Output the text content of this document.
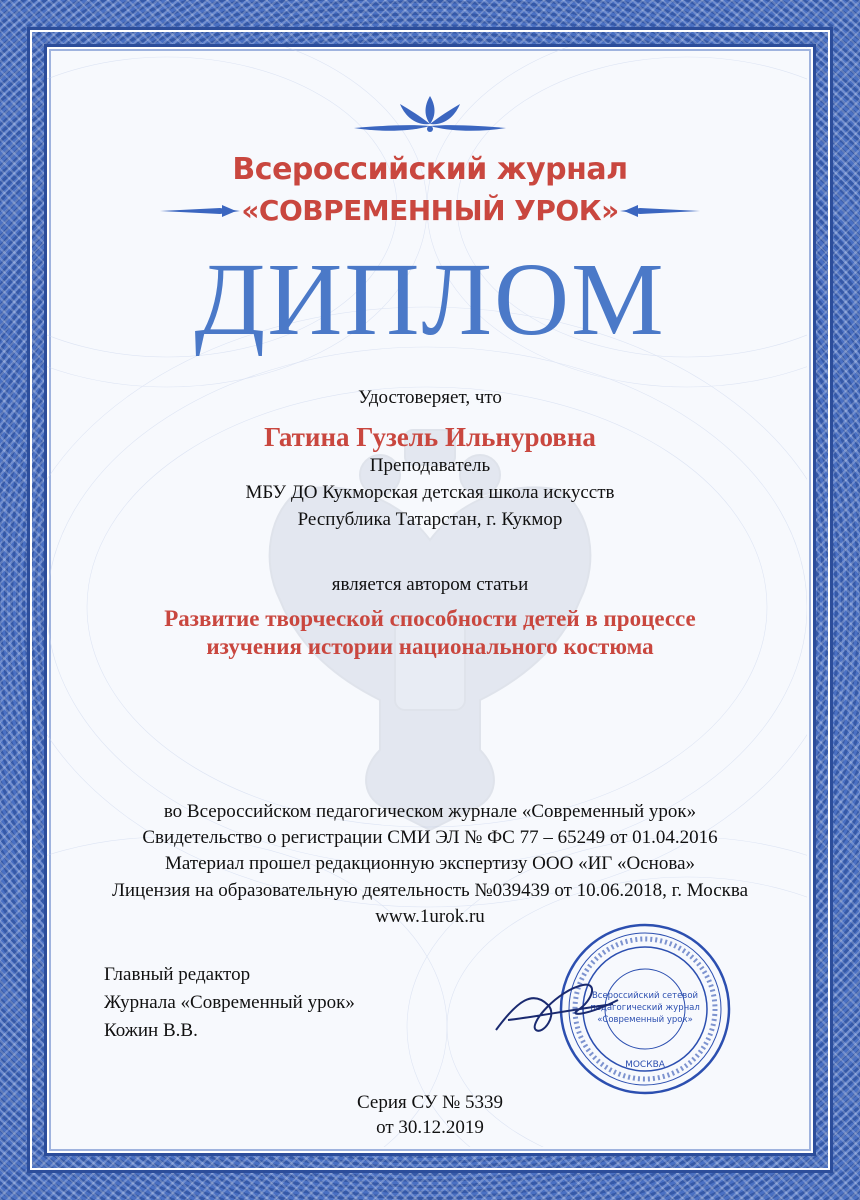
Всероссийский журнал
«СОВРЕМЕННЫЙ УРОК»
ДИПЛОМ
Удостоверяет, что
Гатина Гузель Ильнуровна
Преподаватель
МБУ ДО Кукморская детская школа искусств
Республика Татарстан, г. Кукмор
является автором статьи
Развитие творческой способности детей в процессе
изучения истории национального костюма
во Всероссийском педагогическом журнале «Современный урок»
Свидетельство о регистрации СМИ ЭЛ № ФС 77 – 65249 от 01.04.2016
Материал прошел редакционную экспертизу ООО «ИГ «Основа»
Лицензия на образовательную деятельность №039439 от 10.06.2018, г. Москва
www.1urok.ru
Главный редактор
Журнала «Современный урок»
Кожин В.В.
Всероссийский сетевой
педагогический журнал
«Современный урок»
МОСКВА
Серия СУ № 5339
от 30.12.2019
